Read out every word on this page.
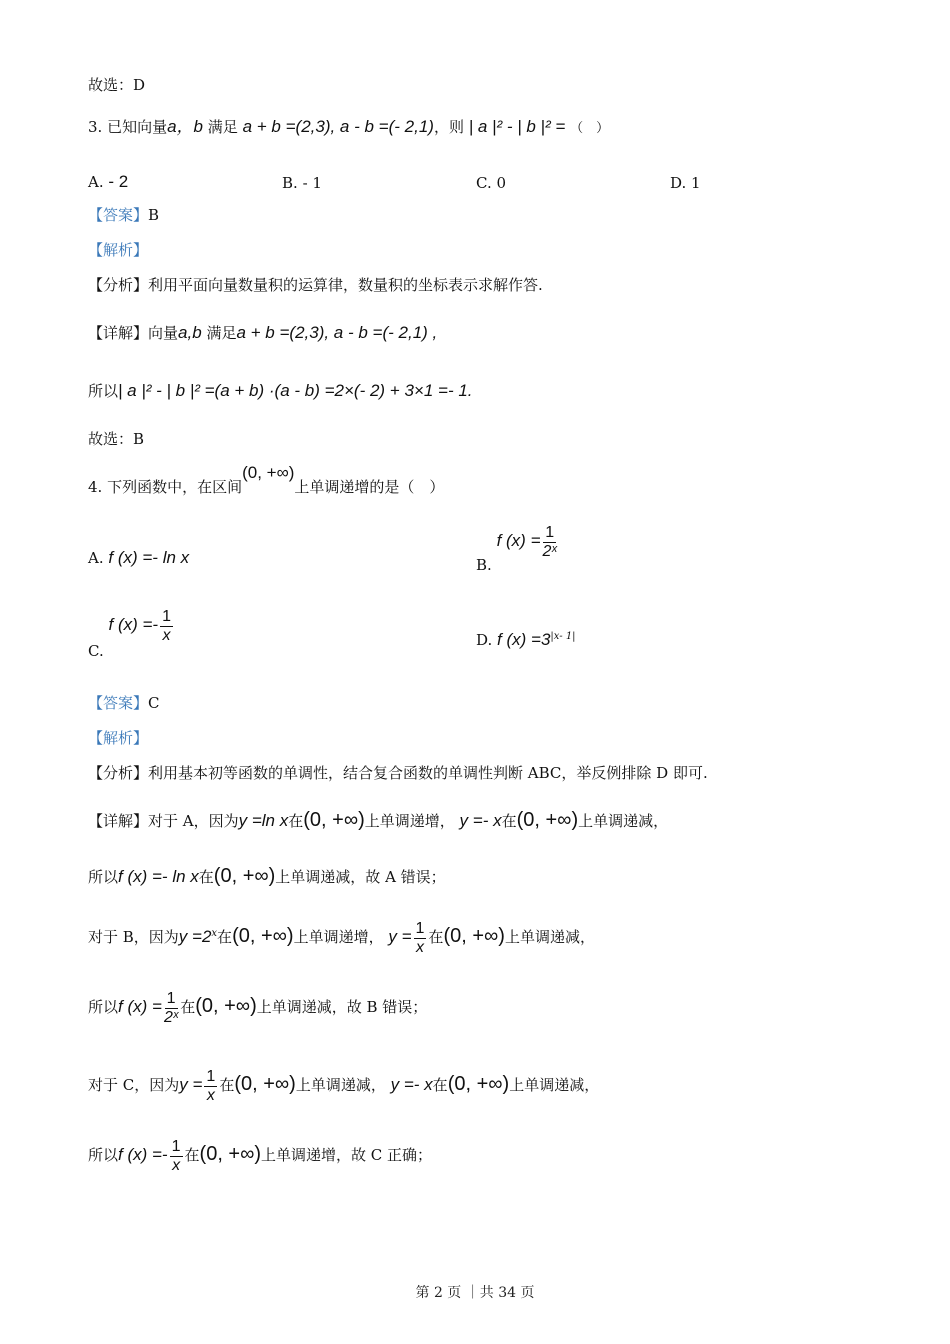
故选：D
3. 已知向量a，b 满足 a + b =(2,3), a - b =(- 2,1)，则 | a |² - | b |² = （　）
A. - 2	B. - 1	C. 0	D. 1
【答案】B
【解析】
【分析】利用平面向量数量积的运算律，数量积的坐标表示求解作答.
【详解】向量a,b 满足a + b =(2,3), a - b =(- 2,1) ,
所以| a |² - | b |² =(a + b) ·(a - b) =2×(- 2) + 3×1 =- 1.
故选：B
4. 下列函数中，在区间(0, +∞)上单调递增的是（　）
A. f (x) =- ln x	B. f $(x) = \frac{1}{\text{2ˣ}}$
C. f $(x) =- \frac{1}{x}$	D. f $(x) =3^{|x- 1|}$
【答案】C
【解析】
【分析】利用基本初等函数的单调性，结合复合函数的单调性判断 ABC，举反例排除 D 即可.
【详解】对于 A，因为y =ln x在(0, +∞)上单调递增， y =- x在(0, +∞)上单调递减，
所以f (x) =- ln x在(0, +∞)上单调递减，故 A 错误；
对于 B，因为$y =2^x$在(0, +∞)上单调递增， $y = \frac{1}{x}$ 在(0, +∞)上单调递减，
所以f $(x) = \frac{1}{\text{2ˣ}}$ 在(0, +∞)上单调递减，故 B 错误；
对于 C，因为$y = \frac{1}{x}$ 在(0, +∞)上单调递减， y =- x在(0, +∞)上单调递减，
所以f $(x) =- \frac{1}{x}$ 在(0, +∞)上单调递增，故 C 正确；
第 2 页 ｜共 34 页
